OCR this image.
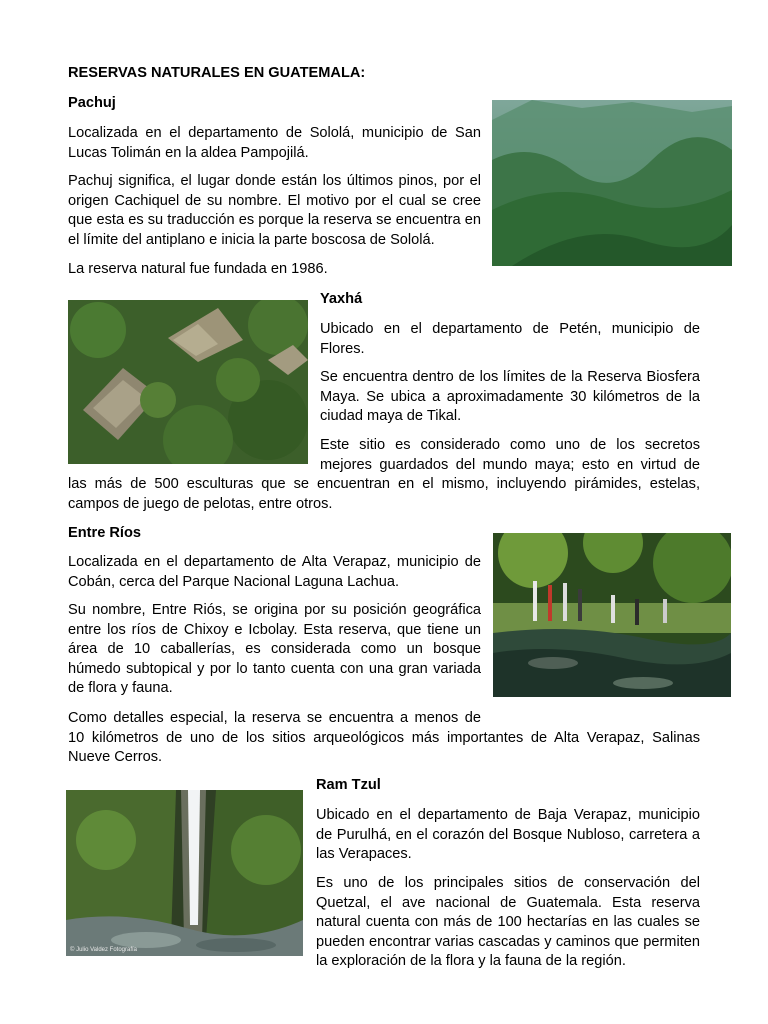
RESERVAS NATURALES EN GUATEMALA:
Pachuj

Localizada en el departamento de Sololá, municipio de San Lucas Tolimán en la aldea Pampojilá.

Pachuj significa, el lugar donde están los últimos pinos, por el origen Cachiquel de su nombre. El motivo por el cual se cree que esta es su traducción es porque la reserva se encuentra en el límite del antiplano e inicia la parte boscosa de Sololá.

La reserva natural fue fundada en 1986.

Yaxhá

Ubicado en el departamento de Petén, municipio de Flores.

Se encuentra dentro de los límites de la Reserva Biosfera Maya. Se ubica a aproximadamente 30 kilómetros de la ciudad maya de Tikal.

Este sitio es considerado como uno de los secretos
mejores guardados del mundo maya; esto en virtud de
las más de 500 esculturas que se encuentran en el mismo, incluyendo pirámides, estelas,
campos de juego de pelotas, entre otros.
Entre Ríos

Localizada en el departamento de Alta Verapaz, municipio de Cobán, cerca del Parque Nacional Laguna Lachua.

Su nombre, Entre Riós, se origina por su posición geográfica entre los ríos de Chixoy e Icbolay. Esta reserva, que tiene un área de 10 caballerías, es considerada como un bosque húmedo subtopical y por lo tanto cuenta con una gran variada de flora y fauna.

Como detalles especial, la reserva se encuentra a menos de
10 kilómetros de uno de los sitios arqueológicos más importantes de Alta Verapaz, Salinas
Nueve Cerros.
Ram Tzul

Ubicado en el departamento de Baja Verapaz, municipio de Purulhá, en el corazón del Bosque Nubloso, carretera a las Verapaces.

Es uno de los principales sitios de conservación del Quetzal, el ave nacional de Guatemala. Esta reserva natural cuenta con más de 100 hectarías en las cuales se pueden encontrar varias cascadas y caminos que permiten la exploración de la flora y la fauna de la región.

© Julio Valdez Fotografía
